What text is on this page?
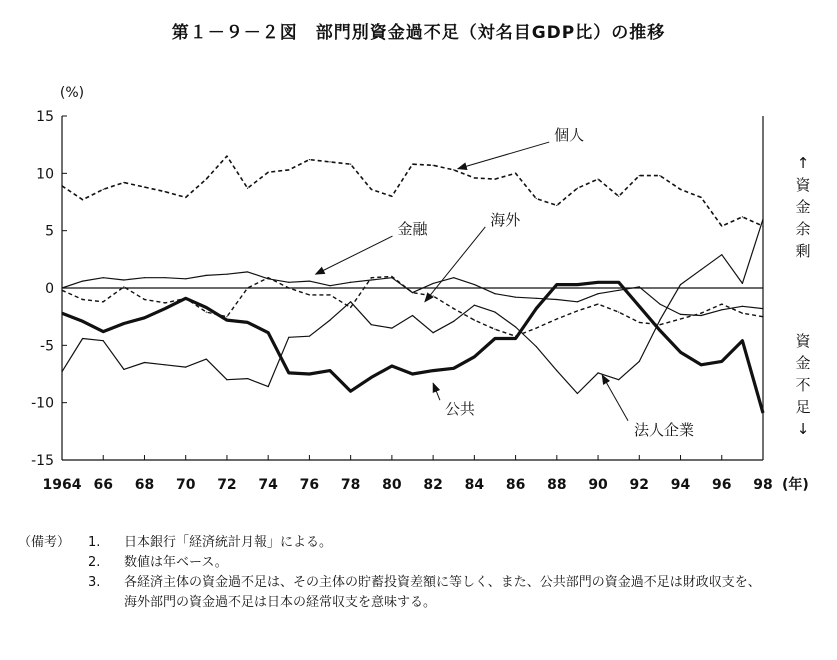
第１－９－２図　部門別資金過不足（対名目GDP比）の推移
15
10
5
0
-5
-10
-15
(%)
1964 66 68 70 72 74 76 78 80 82 84 86 88 90 92 94 96 98 (年)
個人
金融
海外
公共
法人企業
↑
資
金
余
剰
資
金
不
足
↓
（備考）	1.	日本銀行「経済統計月報」による。
2.	数値は年ベース。
3.	各経済主体の資金過不足は、その主体の貯蓄投資差額に等しく、また、公共部門の資金過不足は財政収支を、海外部門の資金過不足は日本の経常収支を意味する。
